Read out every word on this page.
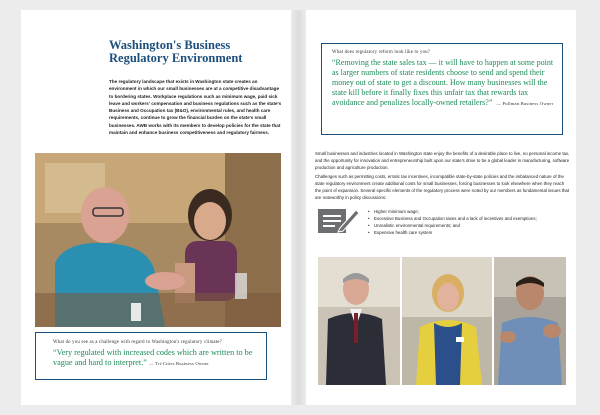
Washington's Business
Regulatory Environment

The regulatory landscape that exists in Washington state creates an environment in which our small businesses are at a competitive disadvantage to bordering states. Workplace regulations such as minimum wage, paid sick leave and workers' compensation and business regulations such as the state's Business and Occupation tax (B&O), environmental rules, and health care requirements, continue to grow the financial burden on the state's small businesses. AWB works with its members to develop policies for the state that maintain and enhance business competitiveness and regulatory fairness.

What do you see as a challenge with regard to Washington's regulatory climate?
“Very regulated with increased codes which are written to be vague and hard to interpret.” — Tri-Cities Business Owner
What does regulatory reform look like to you?
“Removing the state sales tax — it will have to happen at some point as larger numbers of state residents choose to send and spend their money out of state to get a discount. How many businesses will the state kill before it finally fixes this unfair tax that rewards tax avoidance and penalizes locally-owned retailers?” — Pullman Business Owner

Small businesses and industries located in Washington state enjoy the benefits of a desirable place to live, no personal income tax, and the opportunity for innovation and entrepreneurship built upon our state's drive to be a global leader in manufacturing, software production and agriculture production.

Challenges such as permitting costs, erratic tax incentives, incompatible state-by-state policies and the imbalanced nature of the state regulatory environment create additional costs for small businesses, forcing businesses to look elsewhere when they reach the point of expansion. Several specific elements of the regulatory process were noted by our members as fundamental issues that are noteworthy in policy discussions:

• Higher minimum wage;
• Excessive Business and Occupation taxes and a lack of incentives and exemptions;
• Unrealistic environmental requirements; and
• Expensive health care system
